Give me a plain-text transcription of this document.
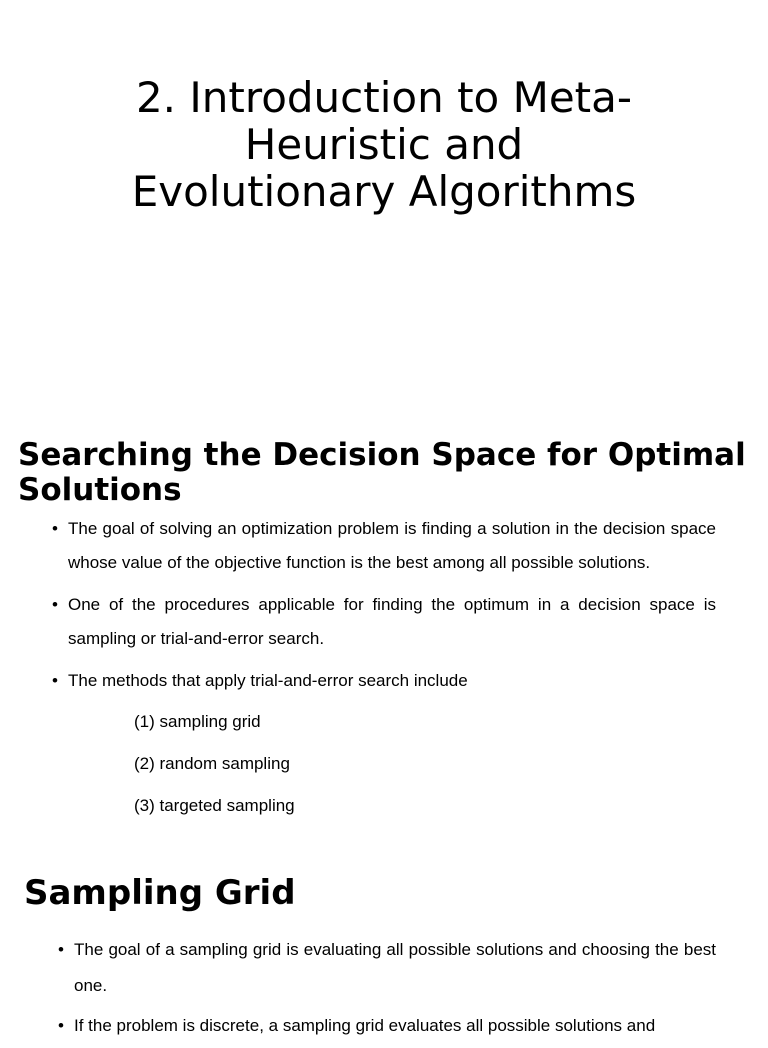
2. Introduction to Meta-
Heuristic and
Evolutionary Algorithms
Searching the Decision Space for Optimal Solutions
• The goal of solving an optimization problem is finding a solution in the decision space whose value of the objective function is the best among all possible solutions.
• One of the procedures applicable for finding the optimum in a decision space is sampling or trial-and-error search.
• The methods that apply trial-and-error search include
(1) sampling grid
(2) random sampling
(3) targeted sampling
Sampling Grid
• The goal of a sampling grid is evaluating all possible solutions and choosing the best one.
• If the problem is discrete, a sampling grid evaluates all possible solutions and
